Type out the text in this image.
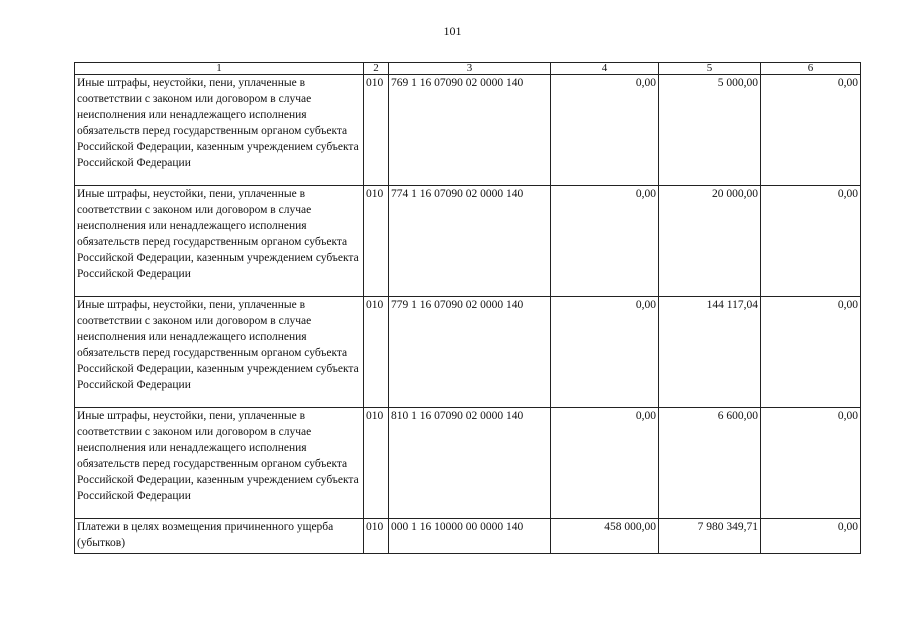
101
1	2	3	4	5	6
Иные штрафы, неустойки, пени, уплаченные в соответствии с законом или договором в случае неисполнения или ненадлежащего исполнения обязательств перед государственным органом субъекта Российской Федерации, казенным учреждением субъекта Российской Федерации	010	769 1 16 07090 02 0000 140	0,00	5 000,00	0,00
Иные штрафы, неустойки, пени, уплаченные в соответствии с законом или договором в случае неисполнения или ненадлежащего исполнения обязательств перед государственным органом субъекта Российской Федерации, казенным учреждением субъекта Российской Федерации	010	774 1 16 07090 02 0000 140	0,00	20 000,00	0,00
Иные штрафы, неустойки, пени, уплаченные в соответствии с законом или договором в случае неисполнения или ненадлежащего исполнения обязательств перед государственным органом субъекта Российской Федерации, казенным учреждением субъекта Российской Федерации	010	779 1 16 07090 02 0000 140	0,00	144 117,04	0,00
Иные штрафы, неустойки, пени, уплаченные в соответствии с законом или договором в случае неисполнения или ненадлежащего исполнения обязательств перед государственным органом субъекта Российской Федерации, казенным учреждением субъекта Российской Федерации	010	810 1 16 07090 02 0000 140	0,00	6 600,00	0,00
Платежи в целях возмещения причиненного ущерба (убытков)	010	000 1 16 10000 00 0000 140	458 000,00	7 980 349,71	0,00
